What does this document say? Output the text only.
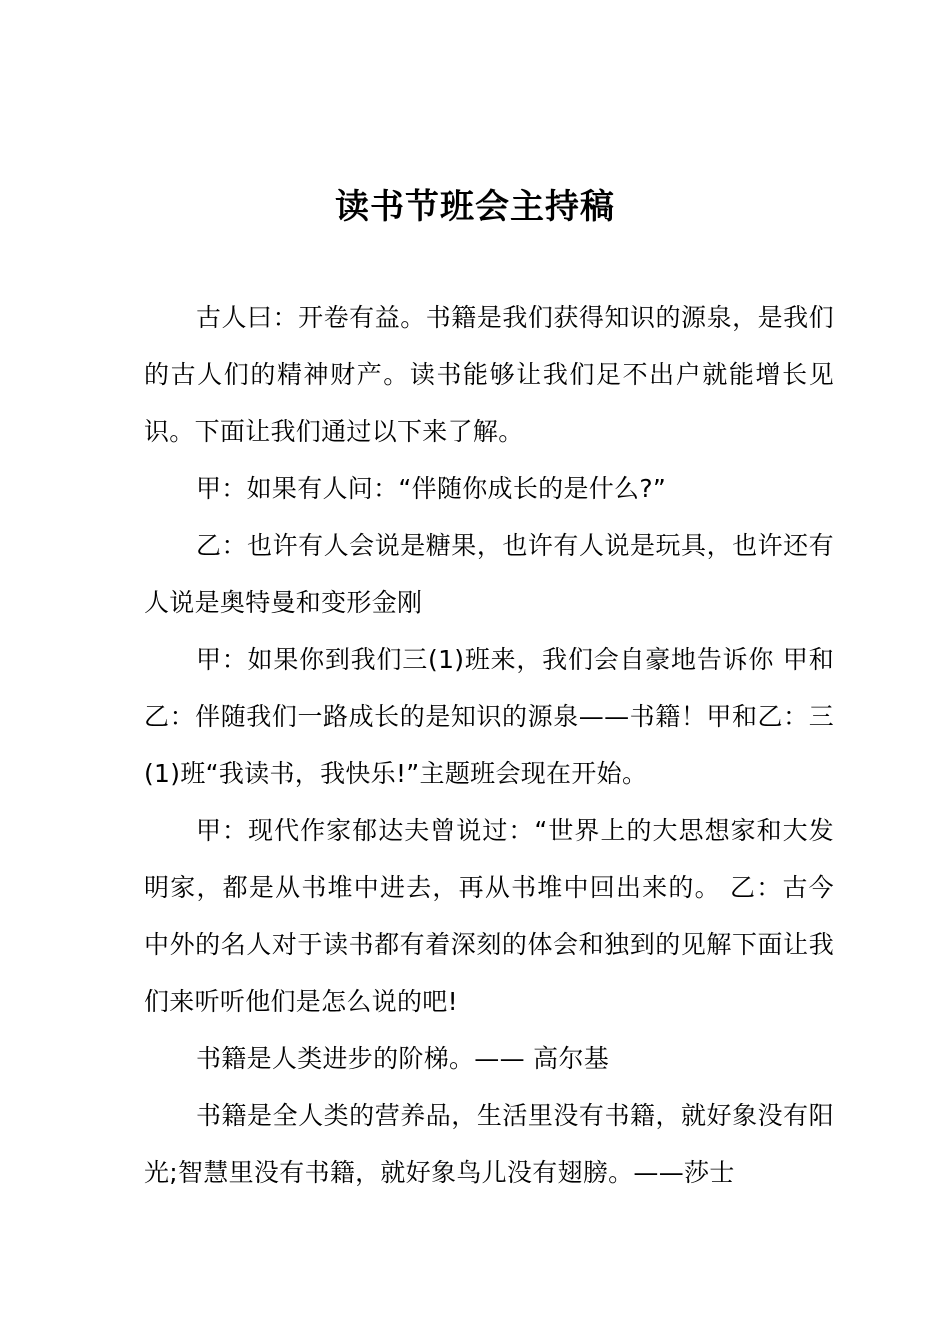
读书节班会主持稿

古人曰：开卷有益。书籍是我们获得知识的源泉，是我们的古人们的精神财产。读书能够让我们足不出户就能增长见识。下面让我们通过以下来了解。

甲：如果有人问：“伴随你成长的是什么?”

乙：也许有人会说是糖果，也许有人说是玩具，也许还有人说是奥特曼和变形金刚

甲：如果你到我们三(1)班来，我们会自豪地告诉你 甲和乙：伴随我们一路成长的是知识的源泉——书籍！甲和乙：三(1)班“我读书，我快乐!”主题班会现在开始。

甲：现代作家郁达夫曾说过：“世界上的大思想家和大发明家，都是从书堆中进去，再从书堆中回出来的。 乙：古今中外的名人对于读书都有着深刻的体会和独到的见解下面让我们来听听他们是怎么说的吧!

书籍是人类进步的阶梯。—— 高尔基

书籍是全人类的营养品，生活里没有书籍，就好象没有阳光;智慧里没有书籍，就好象鸟儿没有翅膀。——莎士
